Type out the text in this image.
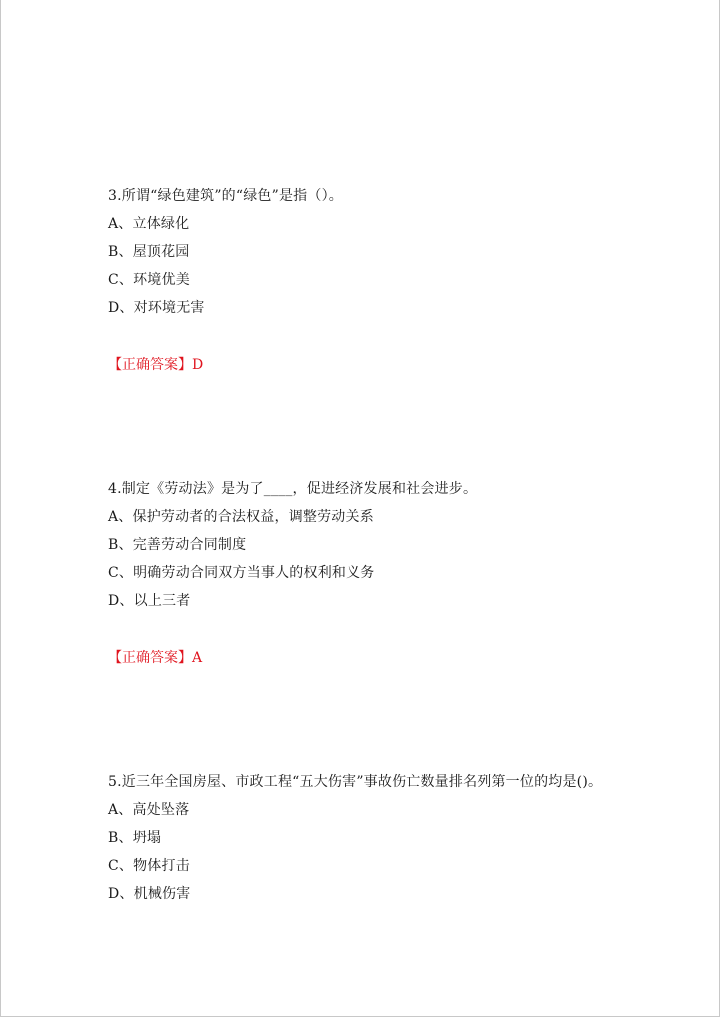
3.所谓“绿色建筑”的“绿色”是指（）。
A、立体绿化
B、屋顶花园
C、环境优美
D、对环境无害
【正确答案】D
4.制定《劳动法》是为了____，促进经济发展和社会进步。
A、保护劳动者的合法权益，调整劳动关系
B、完善劳动合同制度
C、明确劳动合同双方当事人的权利和义务
D、以上三者
【正确答案】A
5.近三年全国房屋、市政工程“五大伤害”事故伤亡数量排名列第一位的均是()。
A、高处坠落
B、坍塌
C、物体打击
D、机械伤害
